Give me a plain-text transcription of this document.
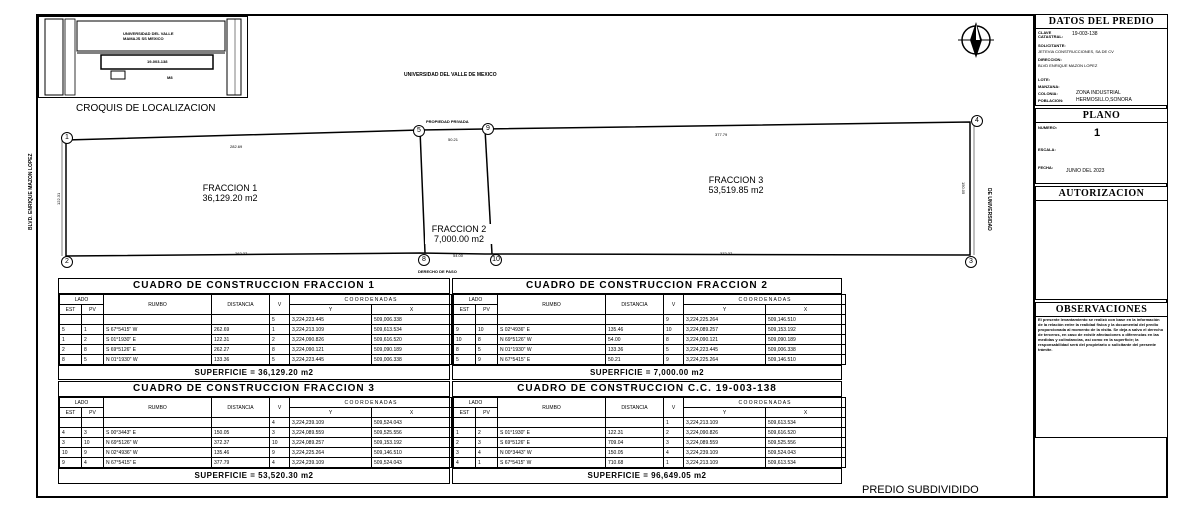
UNIVERSIDAD DEL VALLE
MAMAJS SS MEXICO
19-003-138
M8
CROQUIS DE LOCALIZACION
UNIVERSIDAD DEL VALLE DE MEXICO
1
5	9
4
2	8	10	3
282.69
50.21
377.79
262.27	54.00	372.37
PROPIEDAD PRIVADA
DERECHO DE PASO
BLVD. ENRIQUE MAZON LOPEZ	122.31	DE UNIVERSIDAD
150.05
FRACCION 1
36,129.20 m2
FRACCION 2
7,000.00 m2
FRACCION 3
53,519.85 m2
CUADRO DE CONSTRUCCION FRACCION 1
LADO		RUMBO	DISTANCIA	V	C O O R D E N A D A S	
EST	PV				Y	X
				5	3,224,223.445	509,006.338
5	1	S 67°5415" W	262.69	1	3,224,213.109	509,613.534
1	2	S 01°1930" E	122.31	2	3,224,090.826	509,616.520
2	8	S 69°5126" E	262.27	8	3,224,090.121	509,090.189
8	5	N 01°1930" W	133.36	5	3,224,223.445	509,006.338
SUPERFICIE = 36,129.20 m2
CUADRO DE CONSTRUCCION FRACCION 2
LADO		RUMBO	DISTANCIA	V	C O O R D E N A D A S	
EST	PV				Y	X
				9	3,224,225.264	509,146.510
9	10	S 02°4936" E	135.46	10	3,224,089.257	509,153.192
10	8	N 69°5126" W	54.00	8	3,224,090.121	509,090.189
8	5	N 01°1930" W	133.36	5	3,224,223.445	509,006.338
5	9	N 67°5415" E	50.21	9	3,224,225.264	509,146.510
SUPERFICIE = 7,000.00 m2
CUADRO DE CONSTRUCCION FRACCION 3
LADO		RUMBO	DISTANCIA	V	C O O R D E N A D A S	
EST	PV				Y	X
				4	3,224,239.109	509,524.043
4	3	S 00°3443" E	150.05	3	3,224,089.559	509,525.556
3	10	N 69°5126" W	372.37	10	3,224,089.257	509,153.192
10	9	N 02°4936" W	135.46	9	3,224,225.264	509,146.510
9	4	N 67°5415" E	377.79	4	3,224,239.109	509,524.043
SUPERFICIE = 53,520.30 m2
CUADRO DE CONSTRUCCION C.C. 19-003-138
LADO		RUMBO	DISTANCIA	V	C O O R D E N A D A S	
EST	PV				Y	X
				1	3,224,213.109	509,613.534
1	2	S 01°1930" E	122.31	2	3,224,090.826	509,616.520
2	3	S 69°5126" E	709.04	3	3,224,089.559	509,525.556
3	4	N 00°3443" W	150.05	4	3,224,239.109	509,524.043
4	1	S 67°5415" W	710.68	1	3,224,213.109	509,613.534
SUPERFICIE = 96,649.05 m2
PREDIO SUBDIVIDIDO
DATOS DEL PREDIO
CLAVE CATASTRAL: 19-003-138
SOLICITANTE:
JETEVIA CONSTRUCCIONES, SA DE CV
DIRECCION:
BLVD ENRIQUE MAZON LOPEZ
LOTE:
MANZANA:
COLONIA:	ZONA INDUSTRIAL
POBLACION:	HERMOSILLO,SONORA
PLANO
NUMERO:	1
ESCALA:
FECHA:
JUNIO DEL 2023
AUTORIZACION
OBSERVACIONES
El presente levantamiento se realizó con base en la información de la relación entre la realidad física y la documental del predio proporcionada al momento de la visita. Se deja a salvo el derecho de terceros, en caso de existir afectaciones o diferencias en las medidas y colindancias, así como en la superficie; la responsabilidad será del propietario o solicitante del presente trámite.
